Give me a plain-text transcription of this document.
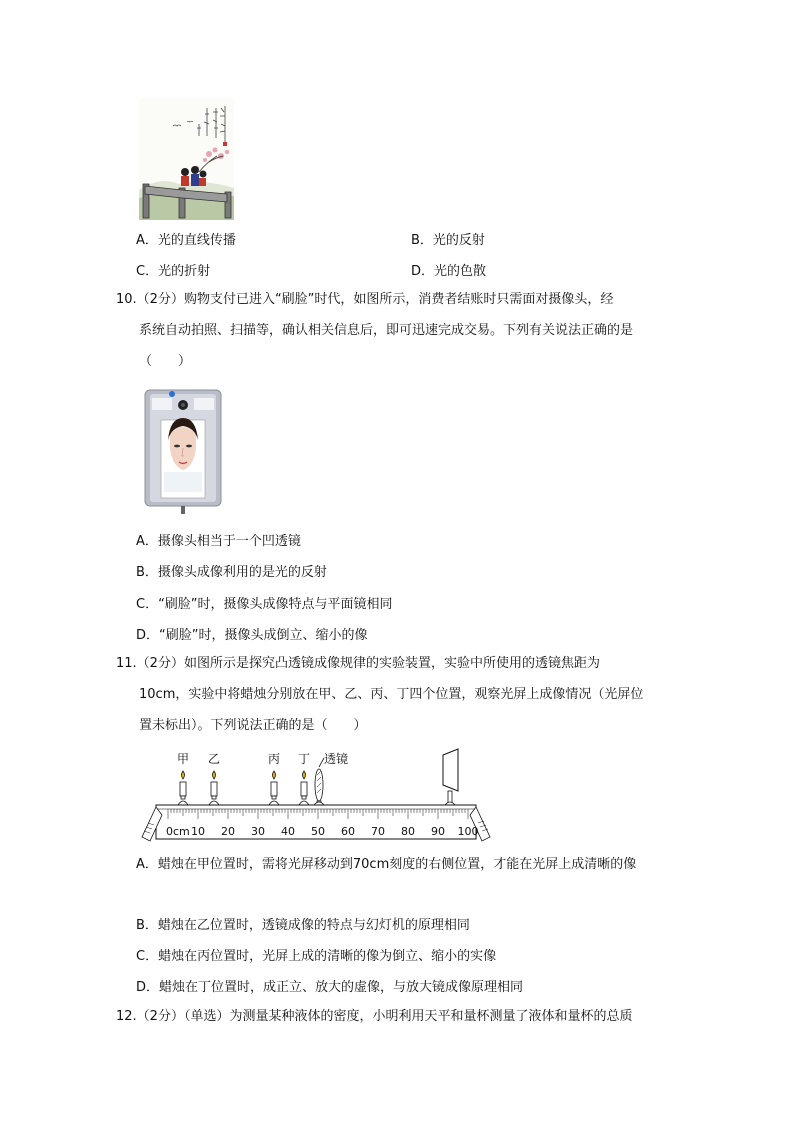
A．光的直线传播	B．光的反射
C．光的折射	D．光的色散
10.（2分）购物支付已进入“刷脸”时代，如图所示，消费者结账时只需面对摄像头，经
系统自动拍照、扫描等，确认相关信息后，即可迅速完成交易。下列有关说法正确的是
（　　）
A．摄像头相当于一个凹透镜
B．摄像头成像利用的是光的反射
C．“刷脸”时，摄像头成像特点与平面镜相同
D．“刷脸”时，摄像头成倒立、缩小的像
11.（2分）如图所示是探究凸透镜成像规律的实验装置，实验中所使用的透镜焦距为
10cm，实验中将蜡烛分别放在甲、乙、丙、丁四个位置，观察光屏上成像情况（光屏位
置未标出）。下列说法正确的是（　　）
甲 乙	丙 丁 透镜
0cm 10 20 30 40 50 60 70 80 90 100
A．蜡烛在甲位置时，需将光屏移动到70cm刻度的右侧位置，才能在光屏上成清晰的像
B．蜡烛在乙位置时，透镜成像的特点与幻灯机的原理相同
C．蜡烛在丙位置时，光屏上成的清晰的像为倒立、缩小的实像
D．蜡烛在丁位置时，成正立、放大的虚像，与放大镜成像原理相同
12.（2分）（单选）为测量某种液体的密度，小明利用天平和量杯测量了液体和量杯的总质
